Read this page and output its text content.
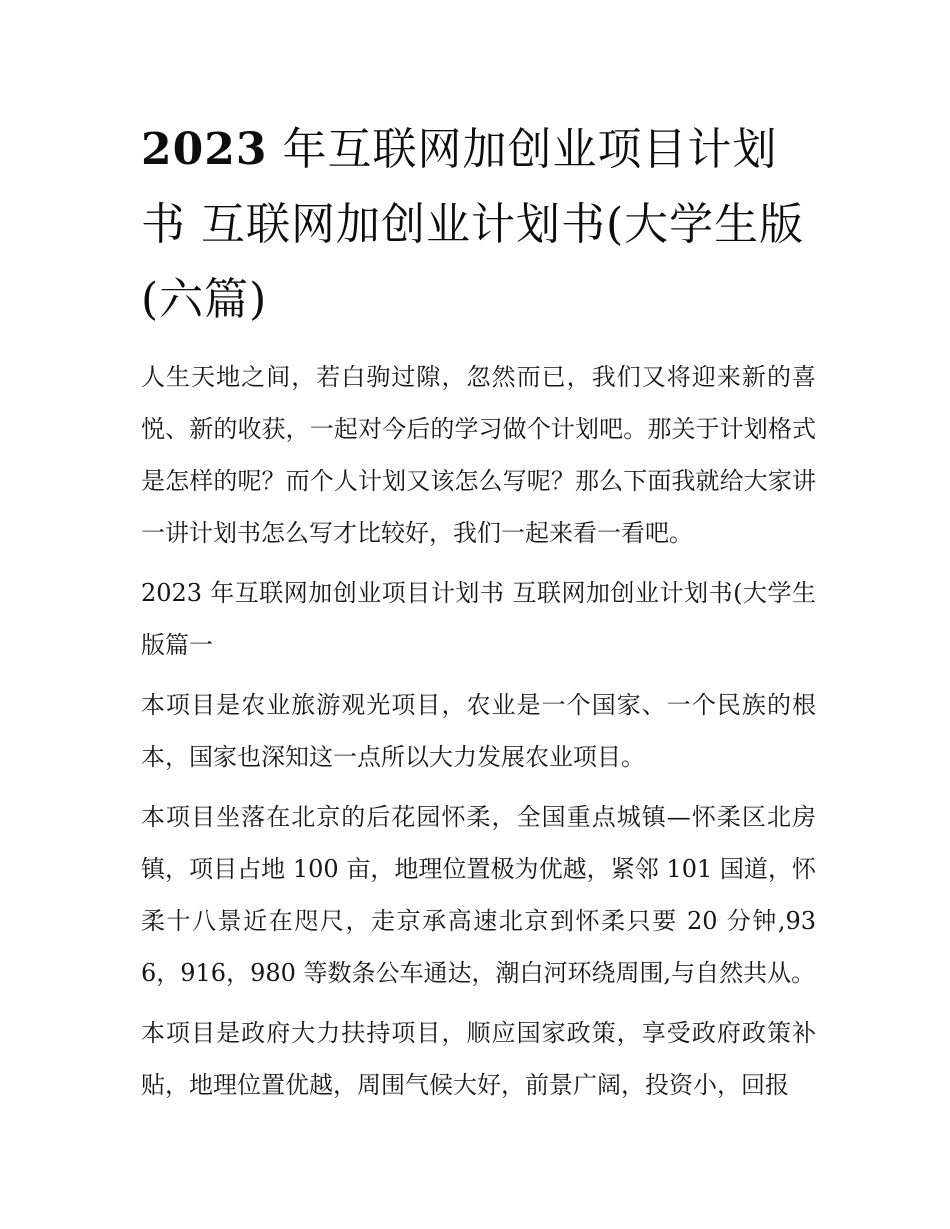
2023 年互联网加创业项目计划书 互联网加创业计划书(大学生版(六篇)

人生天地之间，若白驹过隙，忽然而已，我们又将迎来新的喜悦、新的收获，一起对今后的学习做个计划吧。那关于计划格式是怎样的呢？而个人计划又该怎么写呢？那么下面我就给大家讲一讲计划书怎么写才比较好，我们一起来看一看吧。

2023 年互联网加创业项目计划书 互联网加创业计划书(大学生版篇一

本项目是农业旅游观光项目，农业是一个国家、一个民族的根本，国家也深知这一点所以大力发展农业项目。

本项目坐落在北京的后花园怀柔，全国重点城镇—怀柔区北房镇，项目占地 100 亩，地理位置极为优越，紧邻 101 国道，怀柔十八景近在咫尺，走京承高速北京到怀柔只要 20 分钟,936，916，980 等数条公车通达，潮白河环绕周围,与自然共从。

本项目是政府大力扶持项目，顺应国家政策，享受政府政策补贴，地理位置优越，周围气候大好，前景广阔，投资小，回报
